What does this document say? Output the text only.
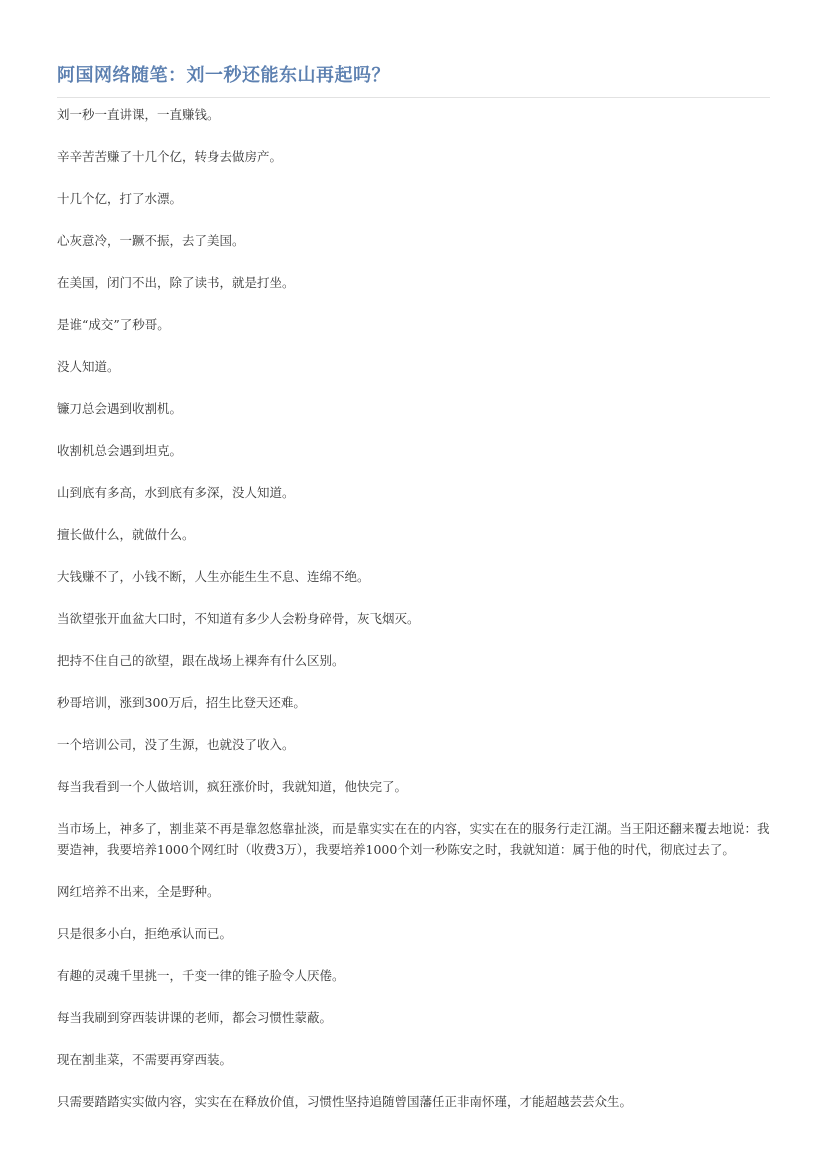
阿国网络随笔：刘一秒还能东山再起吗？

刘一秒一直讲课，一直赚钱。

辛辛苦苦赚了十几个亿，转身去做房产。

十几个亿，打了水漂。

心灰意冷，一蹶不振，去了美国。

在美国，闭门不出，除了读书，就是打坐。

是谁“成交”了秒哥。

没人知道。

镰刀总会遇到收割机。

收割机总会遇到坦克。

山到底有多高，水到底有多深，没人知道。

擅长做什么，就做什么。

大钱赚不了，小钱不断，人生亦能生生不息、连绵不绝。

当欲望张开血盆大口时，不知道有多少人会粉身碎骨，灰飞烟灭。

把持不住自己的欲望，跟在战场上裸奔有什么区别。

秒哥培训，涨到300万后，招生比登天还难。

一个培训公司，没了生源，也就没了收入。

每当我看到一个人做培训，疯狂涨价时，我就知道，他快完了。

当市场上，神多了，割韭菜不再是靠忽悠靠扯淡，而是靠实实在在的内容，实实在在的服务行走江湖。当王阳还翻来覆去地说：我要造神，我要培养1000个网红时（收费3万），我要培养1000个刘一秒陈安之时，我就知道：属于他的时代，彻底过去了。

网红培养不出来，全是野种。

只是很多小白，拒绝承认而已。

有趣的灵魂千里挑一，千变一律的锥子脸令人厌倦。

每当我刷到穿西装讲课的老师，都会习惯性蒙蔽。

现在割韭菜，不需要再穿西装。

只需要踏踏实实做内容，实实在在释放价值，习惯性坚持追随曾国藩任正非南怀瑾，才能超越芸芸众生。
